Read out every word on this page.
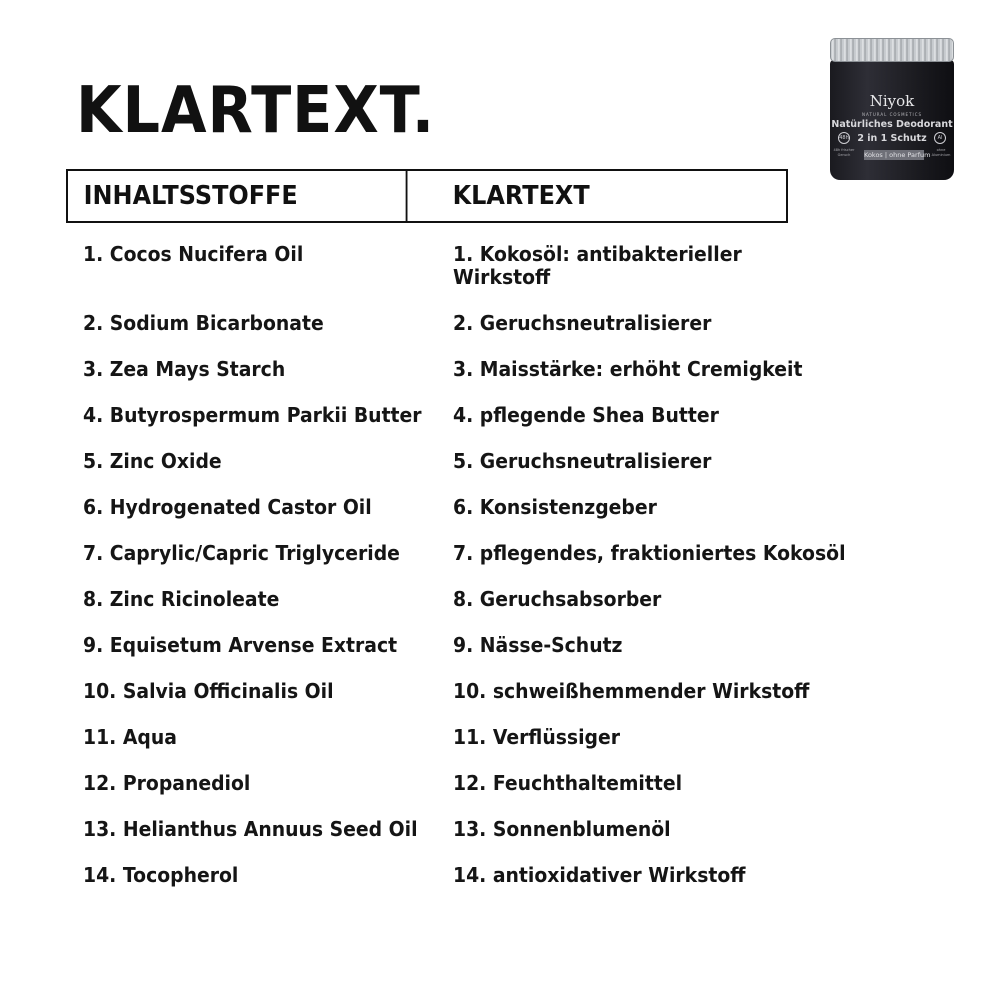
KLARTEXT.	Niyok
NATURAL COSMETICS
Natürliches Deodorant
2 in 1 Schutz
48h	Al
48h frischer Geruch
ohne Aluminium
Kokos | ohne Parfum
INHALTSSTOFFE	KLARTEXT
1. Cocos Nucifera Oil	1. Kokosöl: antibakterieller
Wirkstoff
2. Sodium Bicarbonate	2. Geruchsneutralisierer
3. Zea Mays Starch	3. Maisstärke: erhöht Cremigkeit
4. Butyrospermum Parkii Butter 4. pflegende Shea Butter
5. Zinc Oxide	5. Geruchsneutralisierer
6. Hydrogenated Castor Oil	6. Konsistenzgeber
7. Caprylic/Capric Triglyceride	7. pflegendes, fraktioniertes Kokosöl
8. Zinc Ricinoleate	8. Geruchsabsorber
9. Equisetum Arvense Extract	9. Nässe-Schutz
10. Salvia Officinalis Oil	10. schweißhemmender Wirkstoff
11. Aqua	11. Verflüssiger
12. Propanediol	12. Feuchthaltemittel
13. Helianthus Annuus Seed Oil 13. Sonnenblumenöl
14. Tocopherol	14. antioxidativer Wirkstoff
